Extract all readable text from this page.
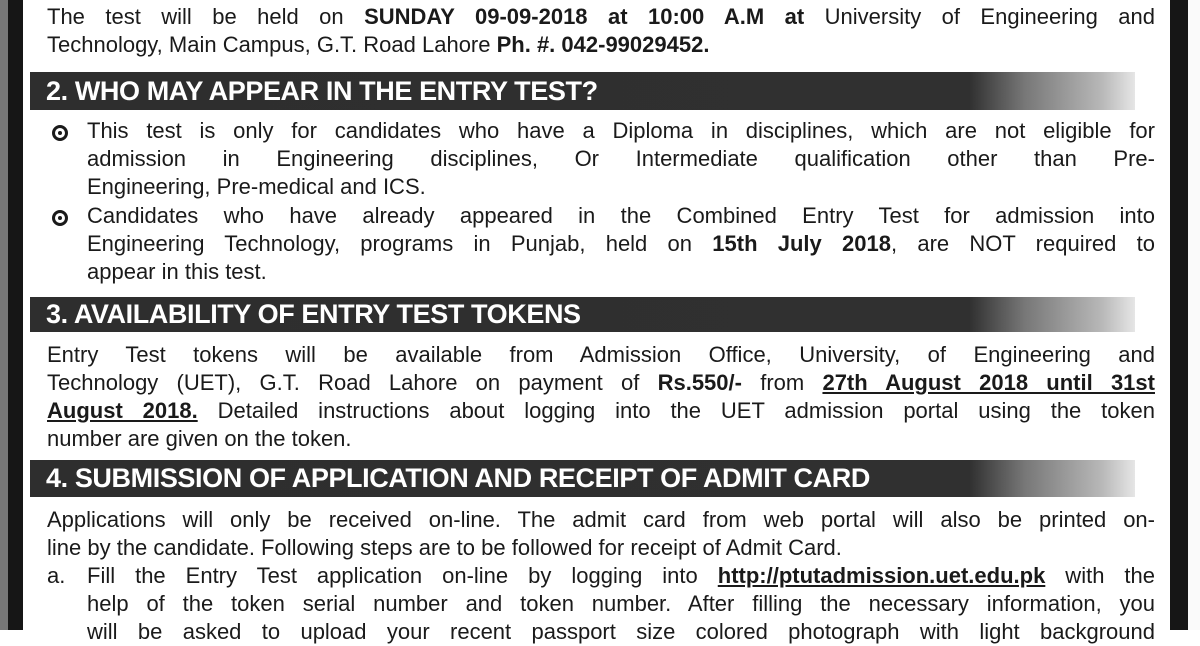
The test will be held on SUNDAY 09-09-2018 at 10:00 A.M at University of Engineering and
Technology, Main Campus, G.T. Road Lahore Ph. #. 042-99029452.
2. WHO MAY APPEAR IN THE ENTRY TEST?
This test is only for candidates who have a Diploma in disciplines, which are not eligible for
admission in Engineering disciplines, Or Intermediate qualification other than Pre-
Engineering, Pre-medical and ICS.
Candidates who have already appeared in the Combined Entry Test for admission into
Engineering Technology, programs in Punjab, held on 15th July 2018, are NOT required to
appear in this test.
3. AVAILABILITY OF ENTRY TEST TOKENS
Entry Test tokens will be available from Admission Office, University, of Engineering and
Technology (UET), G.T. Road Lahore on payment of Rs.550/- from 27th August 2018 until 31st
August 2018. Detailed instructions about logging into the UET admission portal using the token
number are given on the token.
4. SUBMISSION OF APPLICATION AND RECEIPT OF ADMIT CARD
Applications will only be received on-line. The admit card from web portal will also be printed on-
line by the candidate. Following steps are to be followed for receipt of Admit Card.
a. Fill the Entry Test application on-line by logging into http://ptutadmission.uet.edu.pk with the
help of the token serial number and token number. After filling the necessary information, you
will be asked to upload your recent passport size colored photograph with light background
